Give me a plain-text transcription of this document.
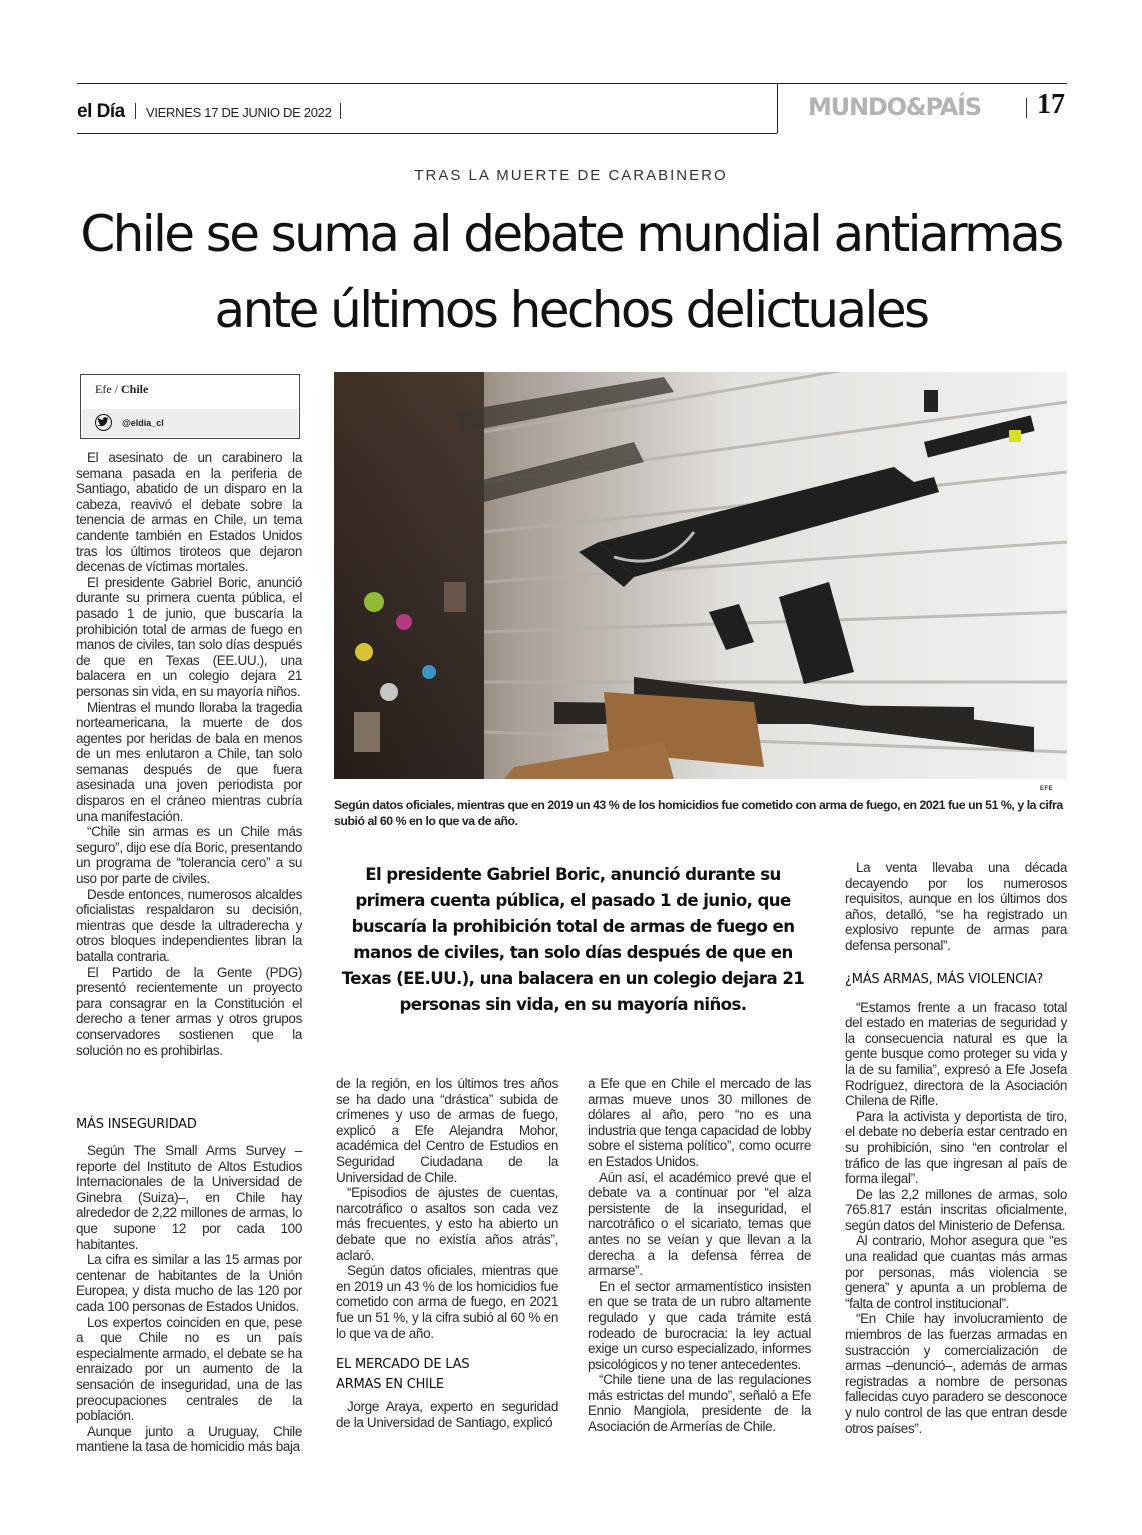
el Día VIERNES 17 DE JUNIO DE 2022	MUNDO&PAÍS 17
TRAS LA MUERTE DE CARABINERO
Chile se suma al debate mundial antiarmas
ante últimos hechos delictuales
Efe / Chile
@eldia_cl

El asesinato de un carabinero la semana pasada en la periferia de Santiago, abatido de un disparo en la cabeza, reavivó el debate sobre la tenencia de armas en Chile, un tema candente también en Estados Unidos tras los últimos tiroteos que dejaron decenas de víctimas mortales.

El presidente Gabriel Boric, anunció durante su primera cuenta pública, el pasado 1 de junio, que buscaría la prohibición total de armas de fuego en manos de civiles, tan solo días después de que en Texas (EE.UU.), una balacera en un colegio dejara 21 personas sin vida, en su mayoría niños.

Mientras el mundo lloraba la tragedia norteamericana, la muerte de dos agentes por heridas de bala en menos de un mes enlutaron a Chile, tan solo semanas después de que fuera asesinada una joven periodista por disparos en el cráneo mientras cubría una manifestación.

“Chile sin armas es un Chile más seguro”, dijo ese día Boric, presentando un programa de “tolerancia cero” a su uso por parte de civiles.

Desde entonces, numerosos alcaldes oficialistas respaldaron su decisión, mientras que desde la ultraderecha y otros bloques independientes libran la batalla contraria.

El Partido de la Gente (PDG) presentó recientemente un proyecto para consagrar en la Constitución el derecho a tener armas y otros grupos conservadores sostienen que la solución no es prohibirlas.

MÁS INSEGURIDAD

Según The Small Arms Survey –reporte del Instituto de Altos Estudios Internacionales de la Universidad de Ginebra (Suiza)–, en Chile hay alrededor de 2,22 millones de armas, lo que supone 12 por cada 100 habitantes.

La cifra es similar a las 15 armas por centenar de habitantes de la Unión Europea, y dista mucho de las 120 por cada 100 personas de Estados Unidos.

Los expertos coinciden en que, pese a que Chile no es un país especialmente armado, el debate se ha enraizado por un aumento de la sensación de inseguridad, una de las preocupaciones centrales de la población.

Aunque junto a Uruguay, Chile mantiene la tasa de homicidio más baja

EFE
Según datos oficiales, mientras que en 2019 un 43 % de los homicidios fue cometido con arma de fuego, en 2021 fue un 51 %, y la cifra subió al 60 % en lo que va de año.
El presidente Gabriel Boric, anunció durante su primera cuenta pública, el pasado 1 de junio, que buscaría la prohibición total de armas de fuego en manos de civiles, tan solo días después de que en Texas (EE.UU.), una balacera en un colegio dejara 21 personas sin vida, en su mayoría niños.

de la región, en los últimos tres años se ha dado una “drástica” subida de crímenes y uso de armas de fuego, explicó a Efe Alejandra Mohor, académica del Centro de Estudios en Seguridad Ciudadana de la Universidad de Chile.

“Episodios de ajustes de cuentas, narcotráfico o asaltos son cada vez más frecuentes, y esto ha abierto un debate que no existía años atrás”, aclaró.

Según datos oficiales, mientras que en 2019 un 43 % de los homicidios fue cometido con arma de fuego, en 2021 fue un 51 %, y la cifra subió al 60 % en lo que va de año.

EL MERCADO DE LAS
ARMAS EN CHILE

Jorge Araya, experto en seguridad de la Universidad de Santiago, explicó

a Efe que en Chile el mercado de las armas mueve unos 30 millones de dólares al año, pero “no es una industria que tenga capacidad de lobby sobre el sistema político”, como ocurre en Estados Unidos.

Aún así, el académico prevé que el debate va a continuar por “el alza persistente de la inseguridad, el narcotráfico o el sicariato, temas que antes no se veían y que llevan a la derecha a la defensa férrea de armarse”.

En el sector armamentístico insisten en que se trata de un rubro altamente regulado y que cada trámite está rodeado de burocracia: la ley actual exige un curso especializado, informes psicológicos y no tener antecedentes.

“Chile tiene una de las regulaciones más estrictas del mundo”, señaló a Efe Ennio Mangiola, presidente de la Asociación de Armerías de Chile.

La venta llevaba una década decayendo por los numerosos requisitos, aunque en los últimos dos años, detalló, “se ha registrado un explosivo repunte de armas para defensa personal”.

¿MÁS ARMAS, MÁS VIOLENCIA?

“Estamos frente a un fracaso total del estado en materias de seguridad y la consecuencia natural es que la gente busque como proteger su vida y la de su familia”, expresó a Efe Josefa Rodríguez, directora de la Asociación Chilena de Rifle.

Para la activista y deportista de tiro, el debate no debería estar centrado en su prohibición, sino “en controlar el tráfico de las que ingresan al país de forma ilegal”.

De las 2,2 millones de armas, solo 765.817 están inscritas oficialmente, según datos del Ministerio de Defensa.

Al contrario, Mohor asegura que “es una realidad que cuantas más armas por personas, más violencia se genera” y apunta a un problema de “falta de control institucional”.

“En Chile hay involucramiento de miembros de las fuerzas armadas en sustracción y comercialización de armas –denunció–, además de armas registradas a nombre de personas fallecidas cuyo paradero se desconoce y nulo control de las que entran desde otros países”.
